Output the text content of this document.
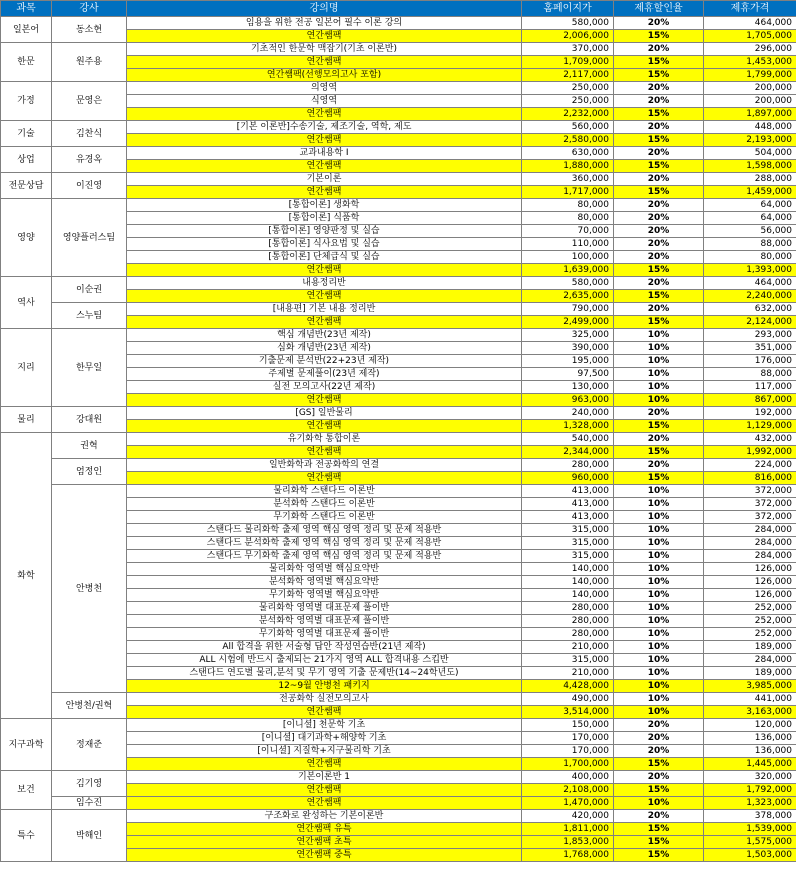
과목	강사	강의명	홈페이지가	제휴할인율	제휴가격
일본어	동소현	임용을 위한 전공 일본어 필수 이론 강의	580,000	20%	464,000
		연간쌤팩	2,006,000	15%	1,705,000
한문	원주용	기초적인 한문학 맥잡기(기초 이론반)	370,000	20%	296,000
		연간쌤팩	1,709,000	15%	1,453,000
		연간쌤팩(선행모의고사 포함)	2,117,000	15%	1,799,000
가정	문영은	의영역	250,000	20%	200,000
		식영역	250,000	20%	200,000
		연간쌤팩	2,232,000	15%	1,897,000
기술	김찬식	[기본 이론반]수송기술, 제조기술, 역학, 제도	560,000	20%	448,000
		연간쌤팩	2,580,000	15%	2,193,000
상업	유경옥	교과내용학 Ⅰ	630,000	20%	504,000
		연간쌤팩	1,880,000	15%	1,598,000
전문상담	이진영	기본이론	360,000	20%	288,000
		연간쌤팩	1,717,000	15%	1,459,000
영양	영양플러스팀	[통합이론] 생화학	80,000	20%	64,000
		[통합이론] 식품학	80,000	20%	64,000
		[통합이론] 영양판정 및 실습	70,000	20%	56,000
		[통합이론] 식사요법 및 실습	110,000	20%	88,000
		[통합이론] 단체급식 및 실습	100,000	20%	80,000
		연간쌤팩	1,639,000	15%	1,393,000
역사	이순권	내용정리반	580,000	20%	464,000
		연간쌤팩	2,635,000	15%	2,240,000
	스누팀	[내용편] 기본 내용 정리반	790,000	20%	632,000
		연간쌤팩	2,499,000	15%	2,124,000
지리	한무일	핵심 개념반(23년 제작)	325,000	10%	293,000
		심화 개념반(23년 제작)	390,000	10%	351,000
		기출문제 분석반(22+23년 제작)	195,000	10%	176,000
		주제별 문제풀이(23년 제작)	97,500	10%	88,000
		실전 모의고사(22년 제작)	130,000	10%	117,000
		연간쌤팩	963,000	10%	867,000
물리	강대원	[GS] 일반물리	240,000	20%	192,000
		연간쌤팩	1,328,000	15%	1,129,000
화학	권혁	유기화학 통합이론	540,000	20%	432,000
		연간쌤팩	2,344,000	15%	1,992,000
	엄정인	일반화학과 전공화학의 연결	280,000	20%	224,000
		연간쌤팩	960,000	15%	816,000
	안병천	물리화학 스탠다드 이론반	413,000	10%	372,000
		분석화학 스탠다드 이론반	413,000	10%	372,000
		무기화학 스탠다드 이론반	413,000	10%	372,000
		스탠다드 물리화학 출제 영역 핵심 영역 정리 및 문제 적용반	315,000	10%	284,000
		스탠다드 분석화학 출제 영역 핵심 영역 정리 및 문제 적용반	315,000	10%	284,000
		스탠다드 무기화학 출제 영역 핵심 영역 정리 및 문제 적용반	315,000	10%	284,000
		물리화학 영역별 핵심요약반	140,000	10%	126,000
		분석화학 영역별 핵심요약반	140,000	10%	126,000
		무기화학 영역별 핵심요약반	140,000	10%	126,000
		물리화학 영역별 대표문제 풀이반	280,000	10%	252,000
		분석화학 영역별 대표문제 풀이반	280,000	10%	252,000
		무기화학 영역별 대표문제 풀이반	280,000	10%	252,000
		All 합격을 위한 서술형 답안 작성연습반(21년 제작)	210,000	10%	189,000
		ALL 시험에 반드시 출제되는 21가지 영역 ALL 합격내용 스킵반	315,000	10%	284,000
		스탠다드 연도별 물리,분석 및 무기 영역 기출 문제반(14~24학년도)	210,000	10%	189,000
		12~9월 안병천 패키지	4,428,000	10%	3,985,000
	안병천/권혁	전공화학 실전모의고사	490,000	10%	441,000
		연간쌤팩	3,514,000	10%	3,163,000
지구과학	정재준	[이니셜] 천문학 기초	150,000	20%	120,000
		[이니셜] 대기과학+해양학 기초	170,000	20%	136,000
		[이니셜] 지질학+지구물리학 기초	170,000	20%	136,000
		연간쌤팩	1,700,000	15%	1,445,000
보건	김기영	기본이론반 1	400,000	20%	320,000
		연간쌤팩	2,108,000	15%	1,792,000
	임수진	연간쌤팩	1,470,000	10%	1,323,000
특수	박해인	구조화로 완성하는 기본이론반	420,000	20%	378,000
		연간쌤팩 유특	1,811,000	15%	1,539,000
		연간쌤팩 초특	1,853,000	15%	1,575,000
		연간쌤팩 중특	1,768,000	15%	1,503,000
